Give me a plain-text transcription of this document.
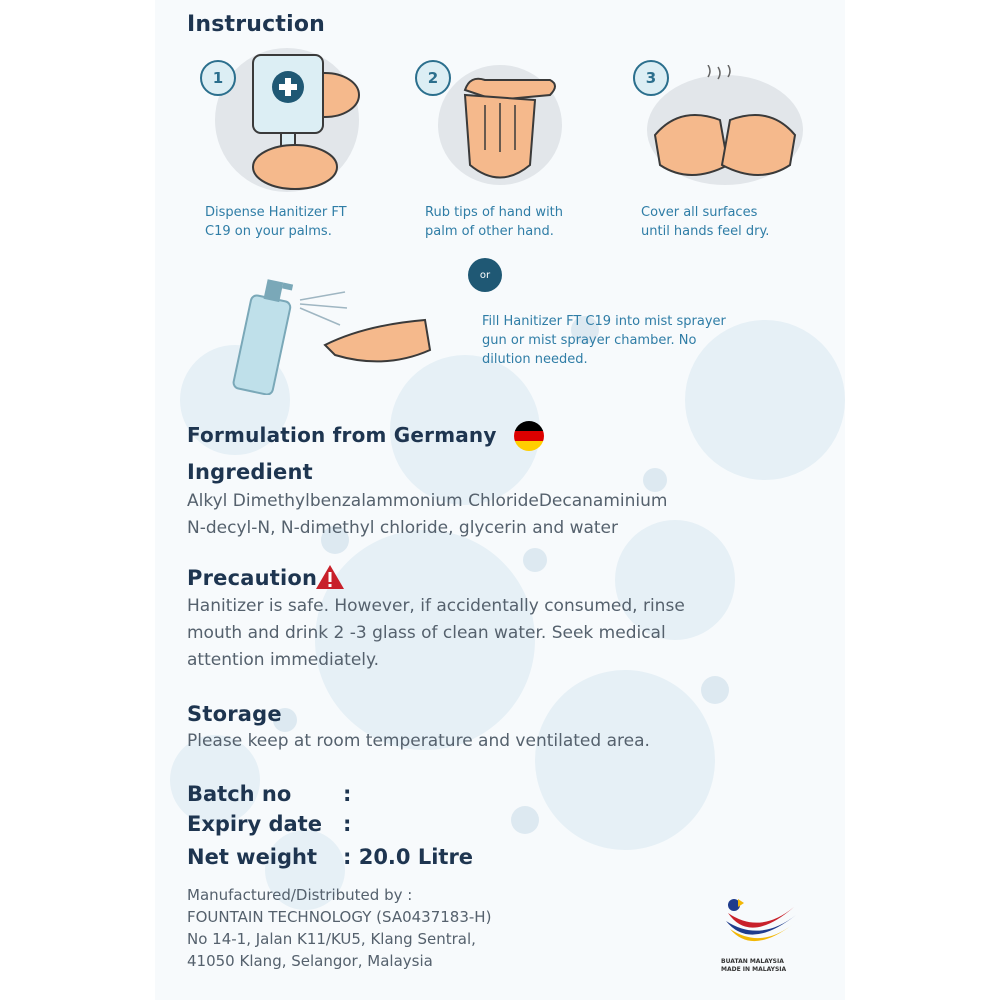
Instruction
1
Dispense Hanitizer FT
C19 on your palms.
2
Rub tips of hand with
palm of other hand.
3
Cover all surfaces
until hands feel dry.
or
Fill Hanitizer FT C19 into mist sprayer
gun or mist sprayer chamber. No
dilution needed.
Formulation from Germany
Ingredient
Alkyl Dimethylbenzalammonium ChlorideDecanaminium
N-decyl-N, N-dimethyl chloride, glycerin and water
Precaution
Hanitizer is safe. However, if accidentally consumed, rinse
mouth and drink 2 -3 glass of clean water. Seek medical
attention immediately.
Storage
Please keep at room temperature and ventilated area.
Batch no :
Expiry date :
Net weight : 20.0 Litre
Manufactured/Distributed by :
FOUNTAIN TECHNOLOGY (SA0437183-H)
No 14-1, Jalan K11/KU5, Klang Sentral,
41050 Klang, Selangor, Malaysia	BUATAN MALAYSIA
MADE IN MALAYSIA
